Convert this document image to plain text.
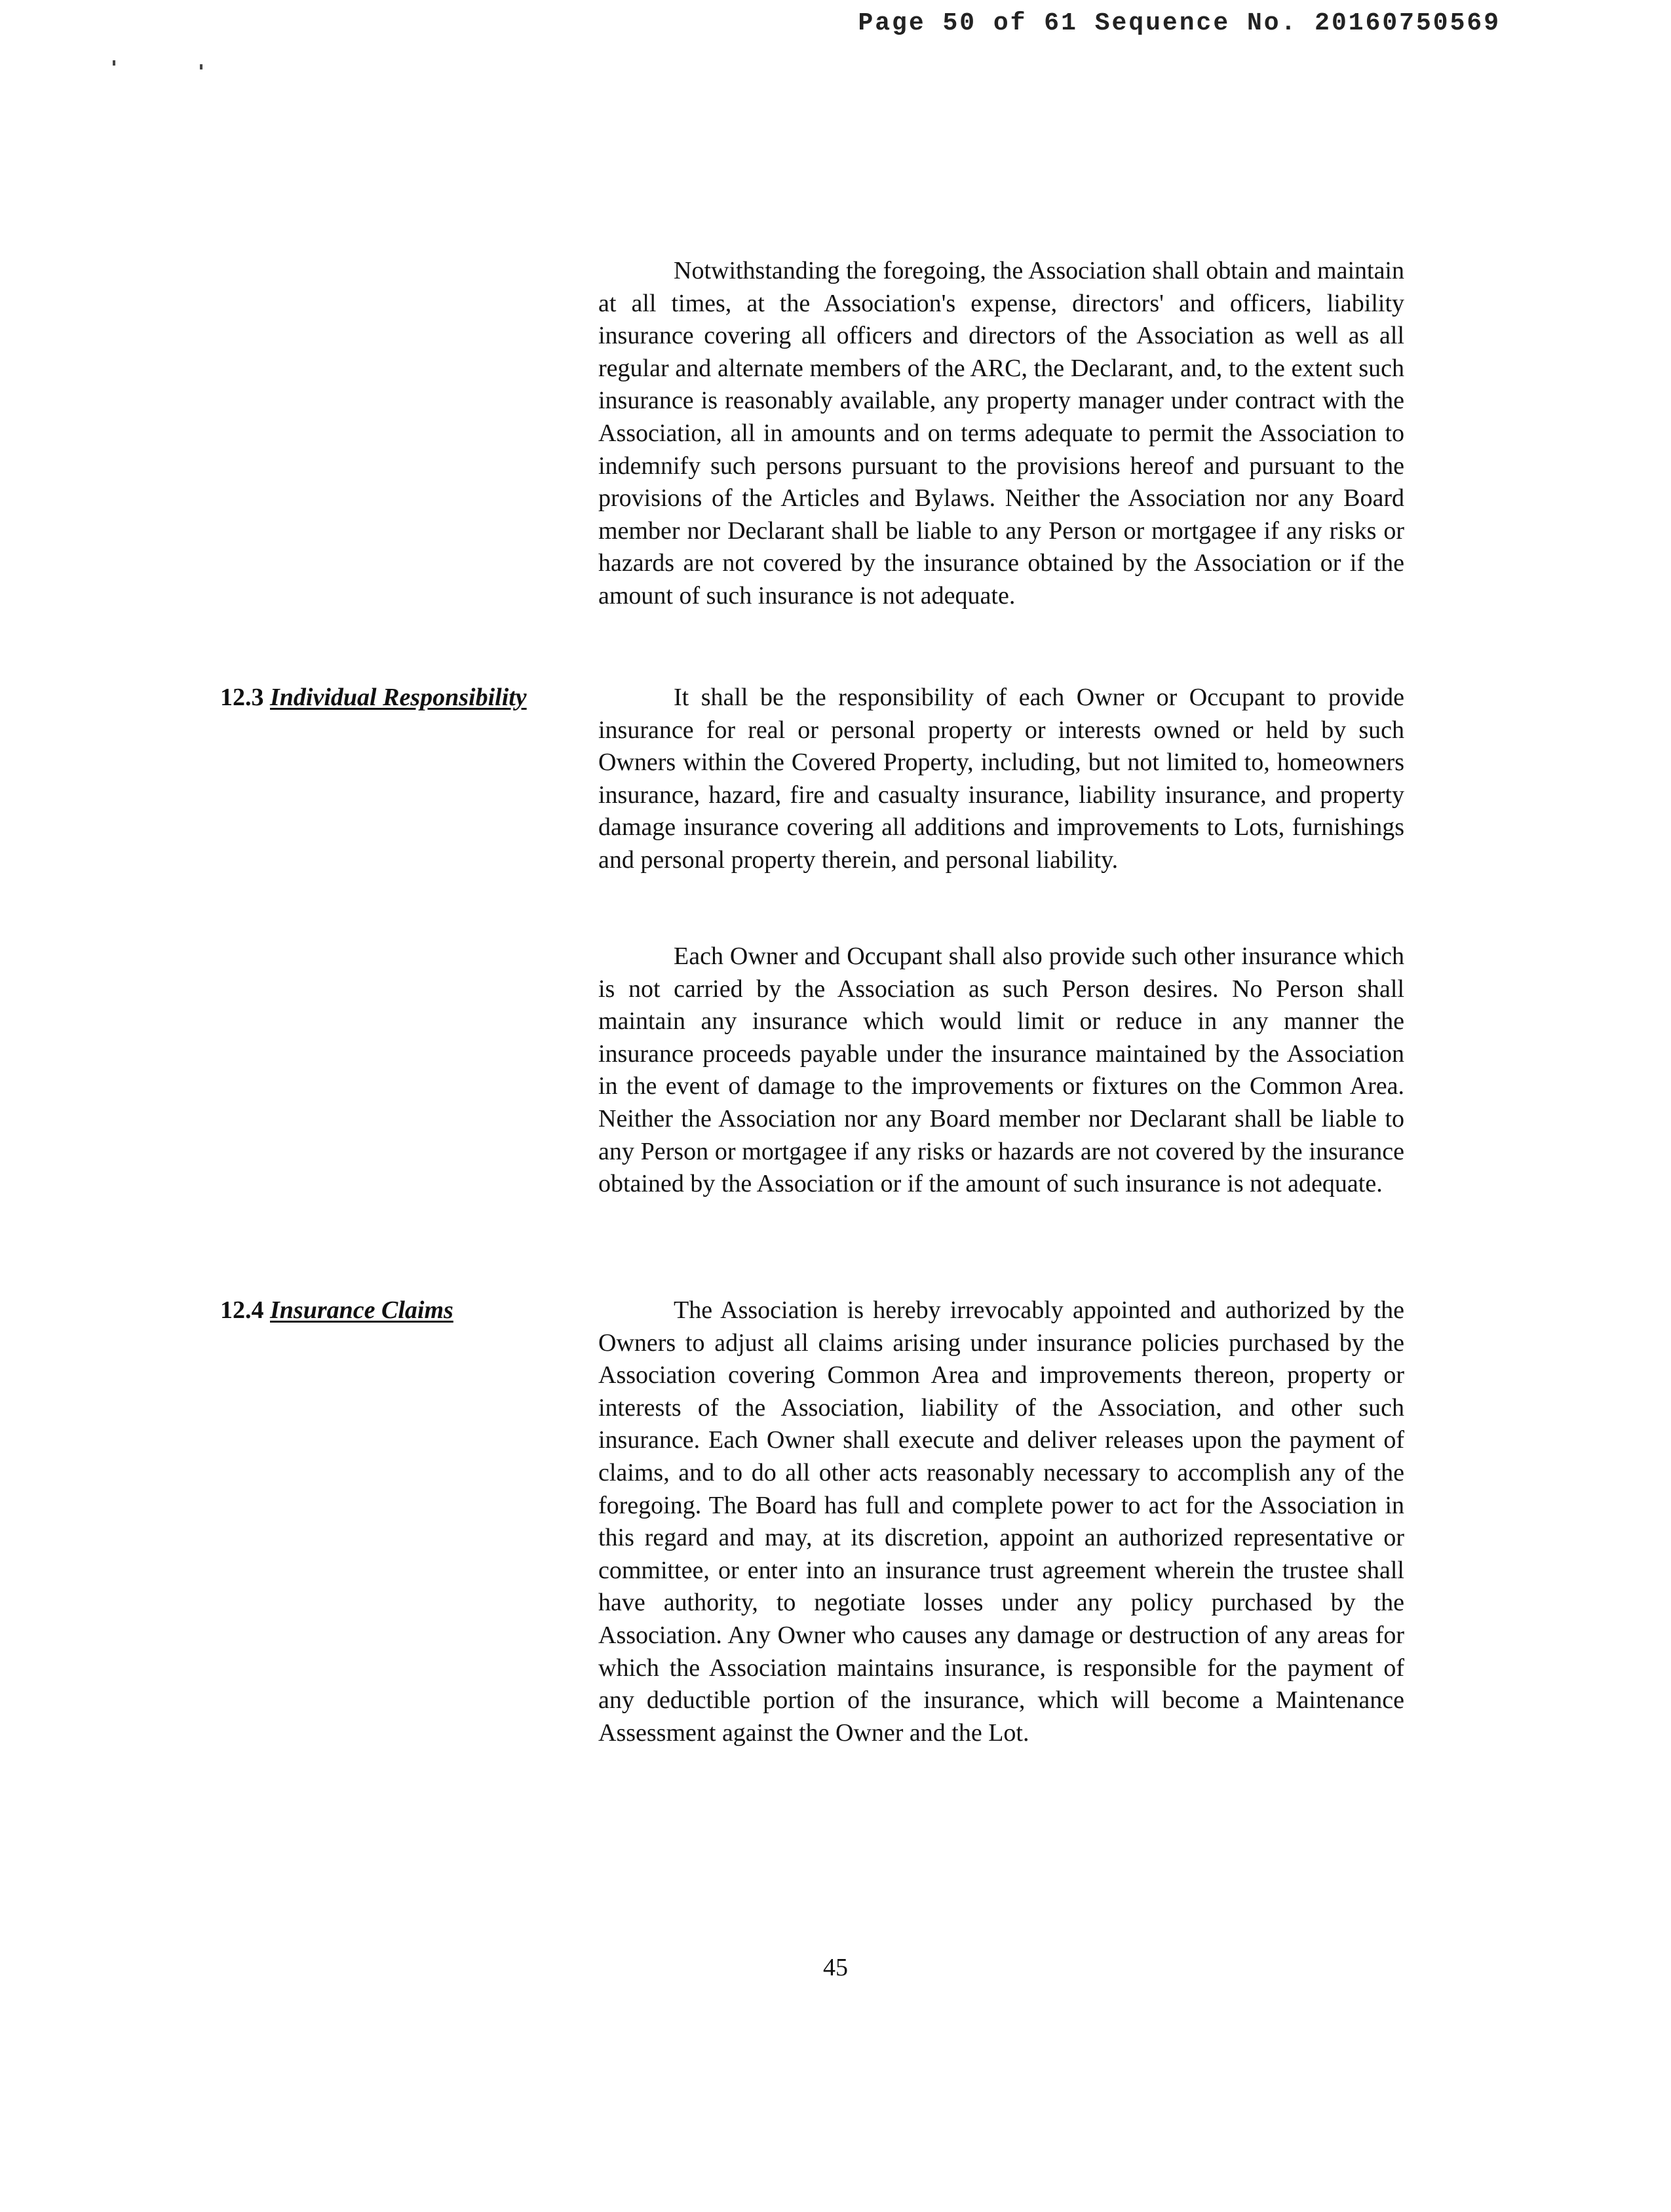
Page 50 of 61 Sequence No. 20160750569

Notwithstanding the foregoing, the Association shall obtain and maintain at all times, at the Association's expense, directors' and officers, liability insurance covering all officers and directors of the Association as well as all regular and alternate members of the ARC, the Declarant, and, to the extent such insurance is reasonably available, any property manager under contract with the Association, all in amounts and on terms adequate to permit the Association to indemnify such persons pursuant to the provisions hereof and pursuant to the provisions of the Articles and Bylaws. Neither the Association nor any Board member nor Declarant shall be liable to any Person or mortgagee if any risks or hazards are not covered by the insurance obtained by the Association or if the amount of such insurance is not adequate.

12.3 Individual Responsibility	It shall be the responsibility of each Owner or Occupant to provide insurance for real or personal property or interests owned or held by such Owners within the Covered Property, including, but not limited to, homeowners insurance, hazard, fire and casualty insurance, liability insurance, and property damage insurance covering all additions and improvements to Lots, furnishings and personal property therein, and personal liability.

Each Owner and Occupant shall also provide such other insurance which is not carried by the Association as such Person desires. No Person shall maintain any insurance which would limit or reduce in any manner the insurance proceeds payable under the insurance maintained by the Association in the event of damage to the improvements or fixtures on the Common Area. Neither the Association nor any Board member nor Declarant shall be liable to any Person or mortgagee if any risks or hazards are not covered by the insurance obtained by the Association or if the amount of such insurance is not adequate.

12.4 Insurance Claims	The Association is hereby irrevocably appointed and authorized by the Owners to adjust all claims arising under insurance policies purchased by the Association covering Common Area and improvements thereon, property or interests of the Association, liability of the Association, and other such insurance. Each Owner shall execute and deliver releases upon the payment of claims, and to do all other acts reasonably necessary to accomplish any of the foregoing. The Board has full and complete power to act for the Association in this regard and may, at its discretion, appoint an authorized representative or committee, or enter into an insurance trust agreement wherein the trustee shall have authority, to negotiate losses under any policy purchased by the Association. Any Owner who causes any damage or destruction of any areas for which the Association maintains insurance, is responsible for the payment of any deductible portion of the insurance, which will become a Maintenance Assessment against the Owner and the Lot.

45
